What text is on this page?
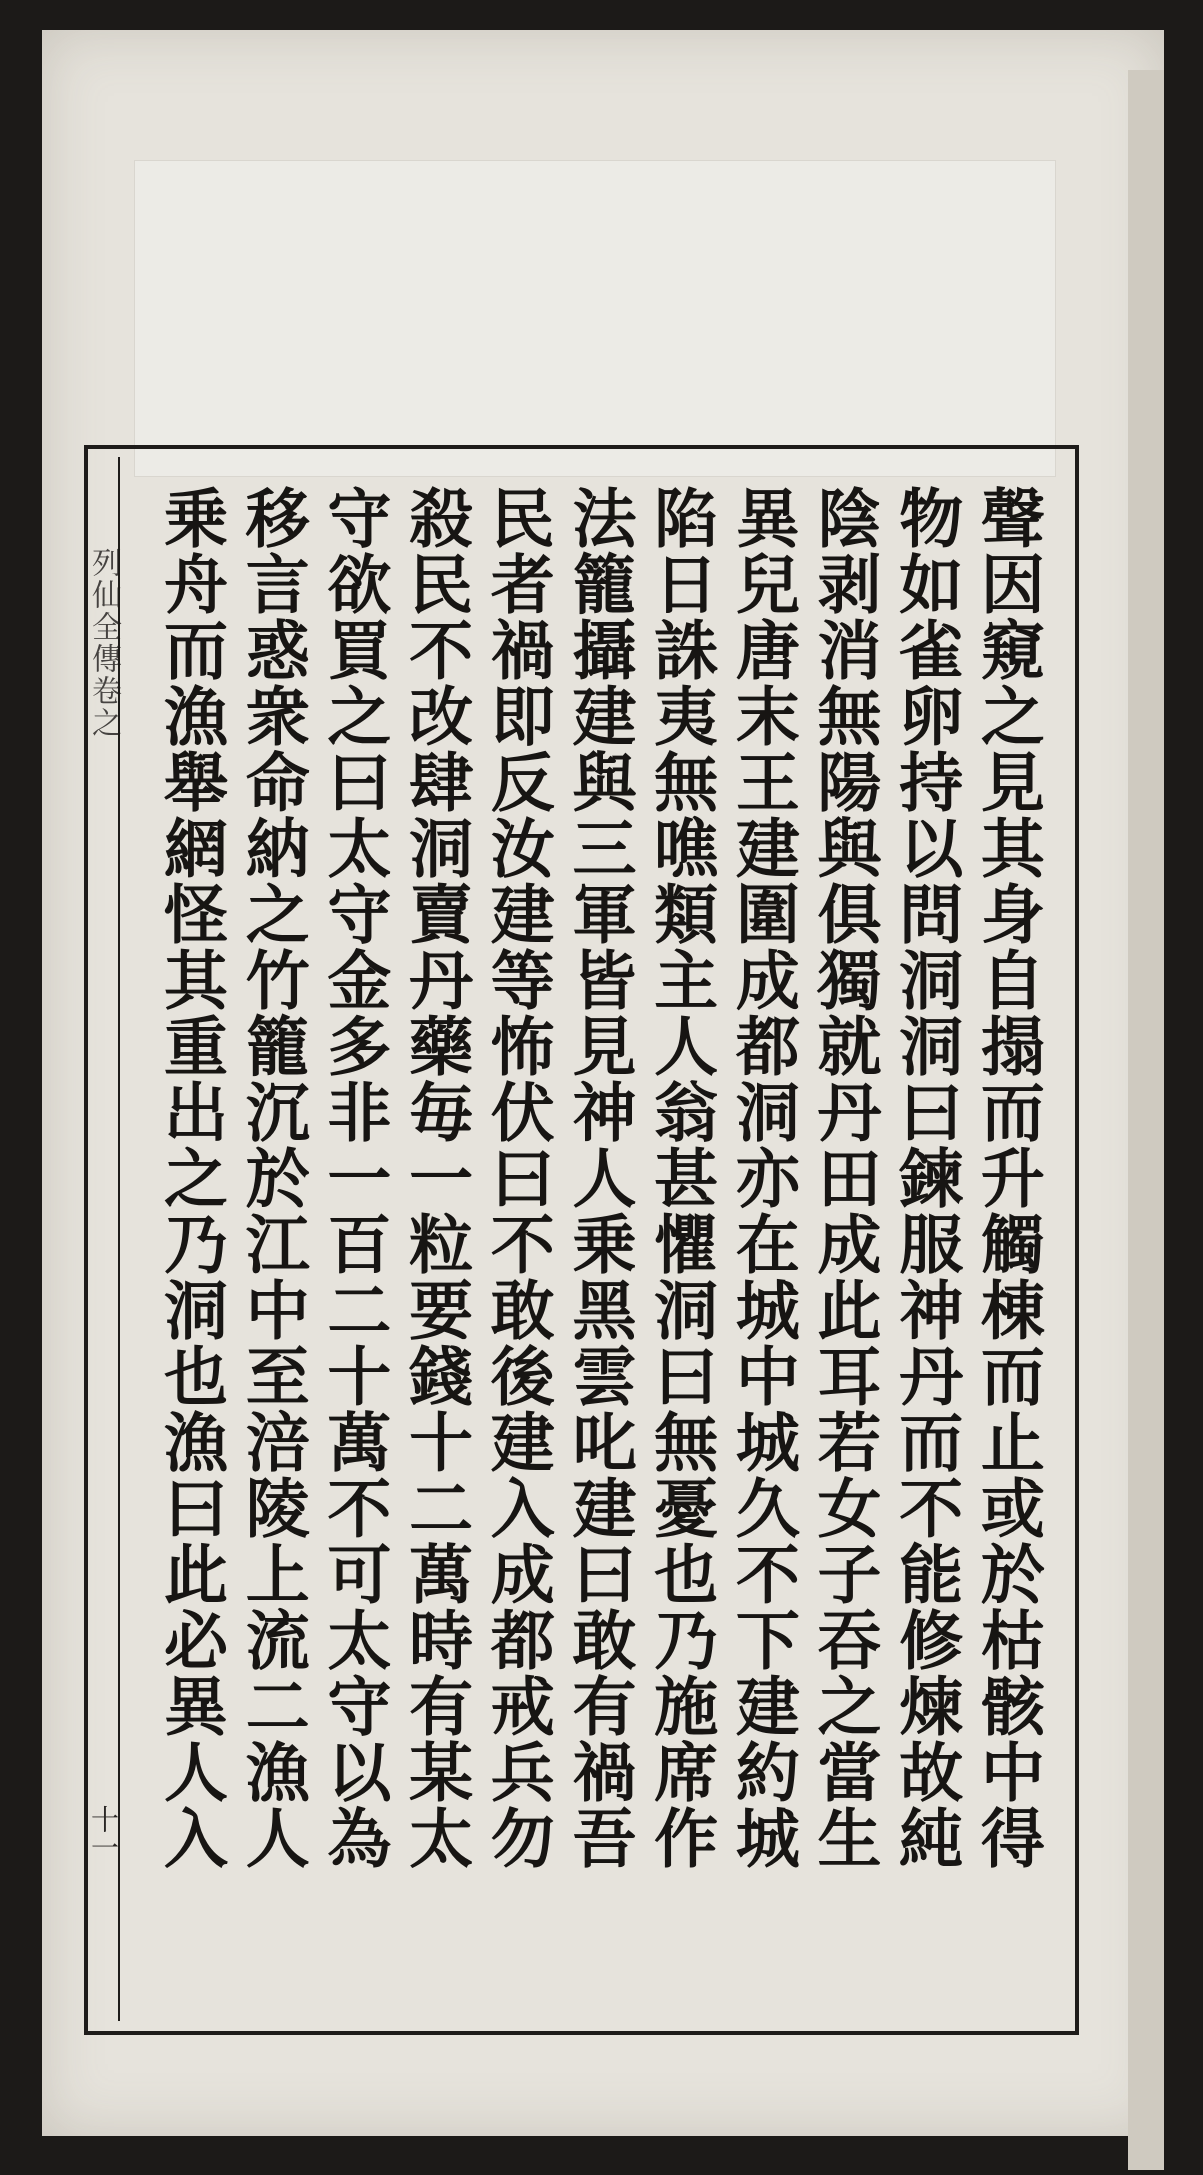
列仙全傳卷之
十一	聲因窺之見其身自搨而升觸棟而止或於枯骸中得
物如雀卵持以問洞洞曰鍊服神丹而不能修煉故純
陰剥消無陽與俱獨就丹田成此耳若女子吞之當生
異兒唐末王建圍成都洞亦在城中城久不下建約城
陷日誅夷無噍類主人翁甚懼洞曰無憂也乃施席作
法籠攝建與三軍皆見神人乗黑雲叱建曰敢有禍吾
民者禍即反汝建等怖伏曰不敢後建入成都戒兵勿
殺民不改肆洞賣丹藥毎一粒要錢十二萬時有某太
守欲買之曰太守金多非一百二十萬不可太守以為
移言惑衆命納之竹籠沉於江中至涪陵上流二漁人
乗舟而漁舉網怪其重出之乃洞也漁曰此必異人入
